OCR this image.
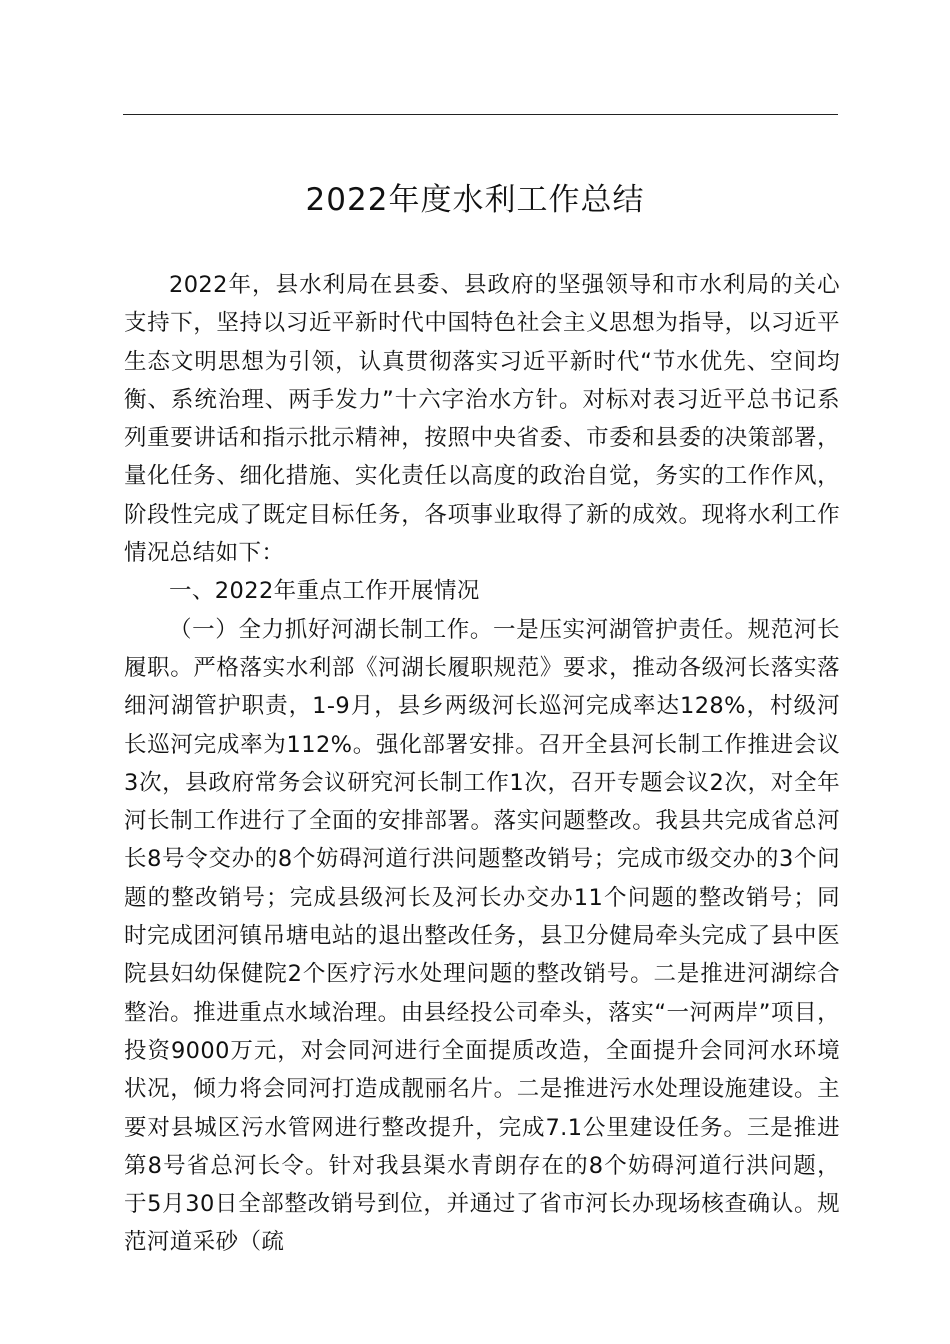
2022年度水利工作总结

2022年，县水利局在县委、县政府的坚强领导和市水利局的关心支持下，坚持以习近平新时代中国特色社会主义思想为指导，以习近平生态文明思想为引领，认真贯彻落实习近平新时代“节水优先、空间均衡、系统治理、两手发力”十六字治水方针。对标对表习近平总书记系列重要讲话和指示批示精神，按照中央省委、市委和县委的决策部署，量化任务、细化措施、实化责任以高度的政治自觉，务实的工作作风，阶段性完成了既定目标任务，各项事业取得了新的成效。现将水利工作情况总结如下：

一、2022年重点工作开展情况

（一）全力抓好河湖长制工作。一是压实河湖管护责任。规范河长履职。严格落实水利部《河湖长履职规范》要求，推动各级河长落实落细河湖管护职责，1-9月，县乡两级河长巡河完成率达128%，村级河长巡河完成率为112%。强化部署安排。召开全县河长制工作推进会议3次，县政府常务会议研究河长制工作1次，召开专题会议2次，对全年河长制工作进行了全面的安排部署。落实问题整改。我县共完成省总河长8号令交办的8个妨碍河道行洪问题整改销号；完成市级交办的3个问题的整改销号；完成县级河长及河长办交办11个问题的整改销号；同时完成团河镇吊塘电站的退出整改任务，县卫分健局牵头完成了县中医院县妇幼保健院2个医疗污水处理问题的整改销号。二是推进河湖综合整治。推进重点水域治理。由县经投公司牵头，落实“一河两岸”项目，投资9000万元，对会同河进行全面提质改造，全面提升会同河水环境状况，倾力将会同河打造成靓丽名片。二是推进污水处理设施建设。主要对县城区污水管网进行整改提升，完成7.1公里建设任务。三是推进第8号省总河长令。针对我县渠水青朗存在的8个妨碍河道行洪问题，于5月30日全部整改销号到位，并通过了省市河长办现场核查确认。规范河道采砂（疏
